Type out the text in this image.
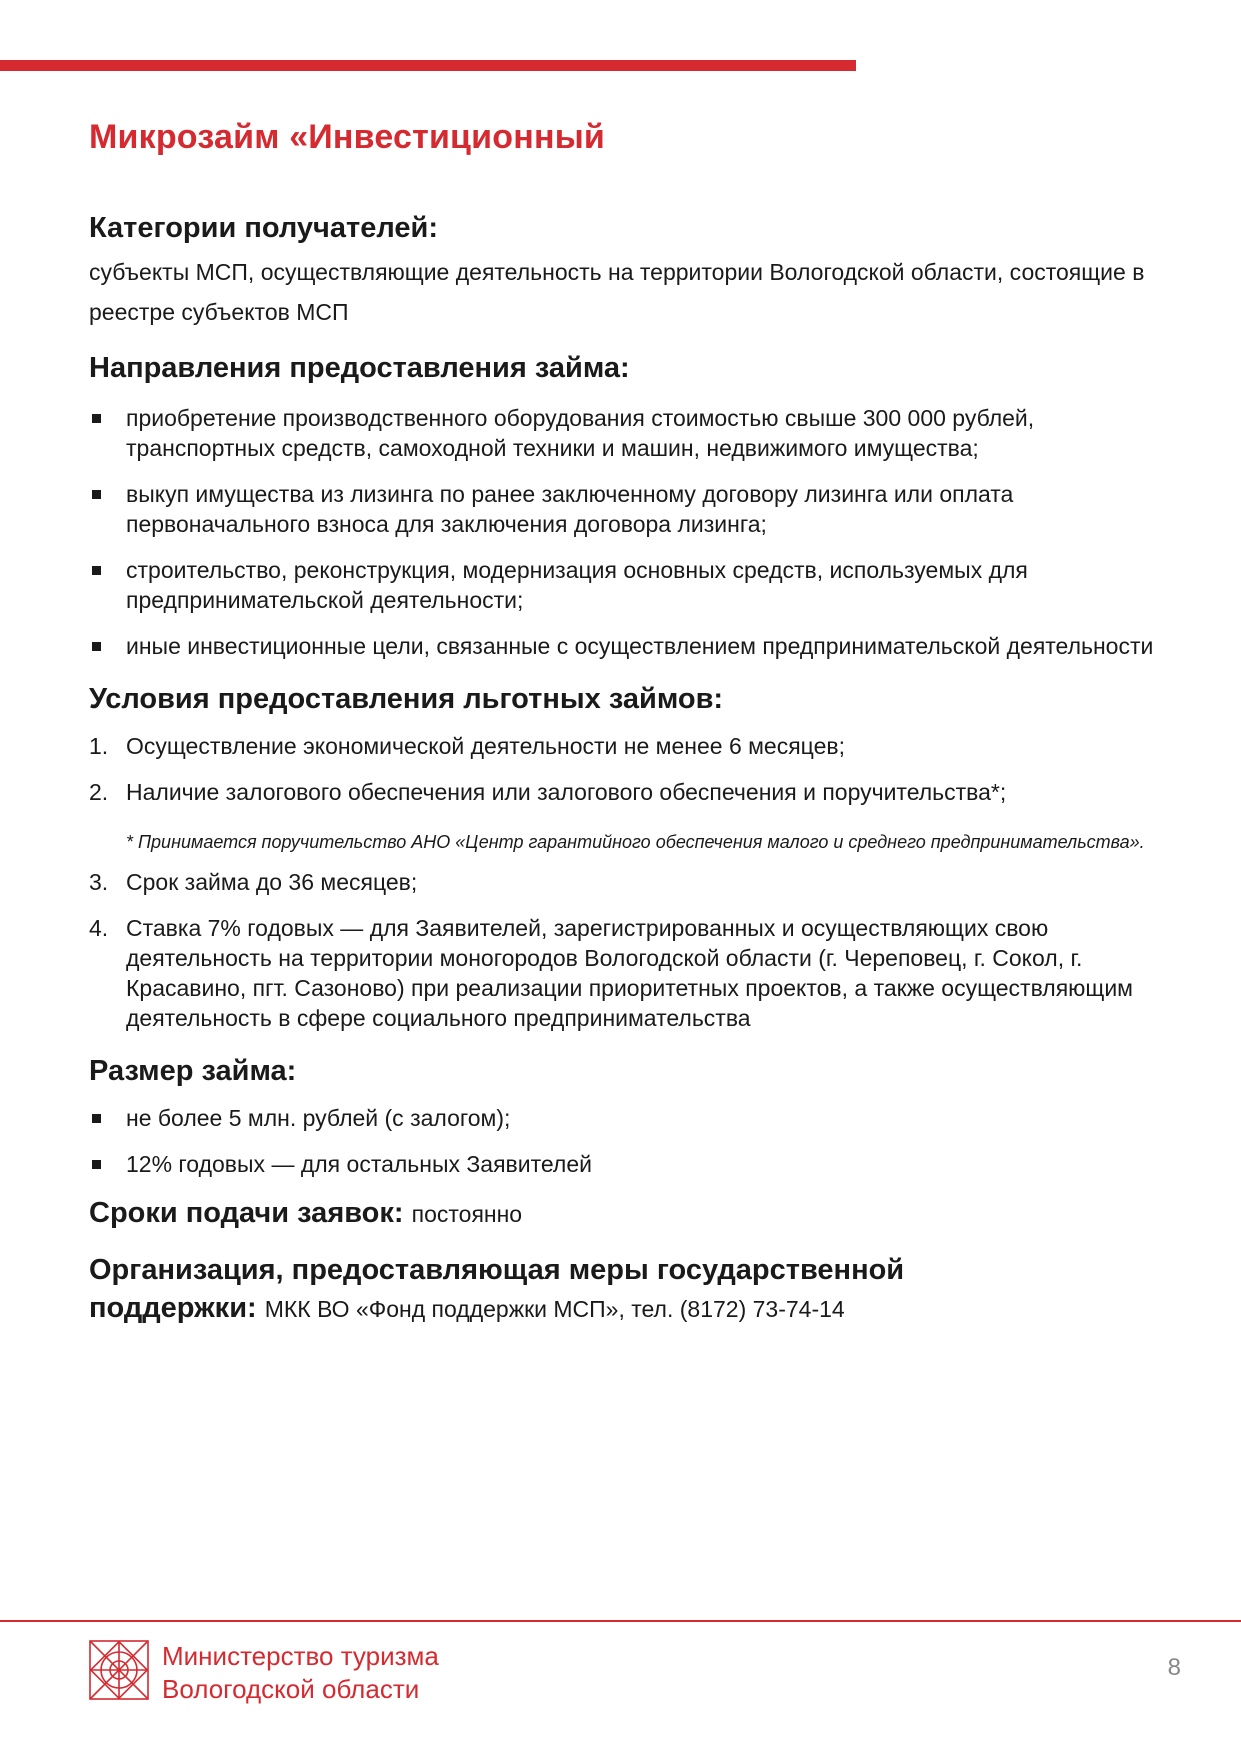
Микрозайм «Инвестиционный
Категории получателей:

субъекты МСП, осуществляющие деятельность на территории Вологодской области, состоящие в реестре субъектов МСП

Направления предоставления займа:
приобретение производственного оборудования стоимостью свыше 300 000 рублей, транспортных средств, самоходной техники и машин, недвижимого имущества;
выкуп имущества из лизинга по ранее заключенному договору лизинга или оплата первоначального взноса для заключения договора лизинга;
строительство, реконструкция, модернизация основных средств, используемых для предпринимательской деятельности;
иные инвестиционные цели, связанные с осуществлением предпринимательской деятельности
Условия предоставления льготных займов:
1. Осуществление экономической деятельности не менее 6 месяцев;
2. Наличие залогового обеспечения или залогового обеспечения и поручительства*;
* Принимается поручительство АНО «Центр гарантийного обеспечения малого и среднего предпринимательства».
3. Срок займа до 36 месяцев;
4. Ставка 7% годовых — для Заявителей, зарегистрированных и осуществляющих свою деятельность на территории моногородов Вологодской области (г. Череповец, г. Сокол, г. Красавино, пгт. Сазоново) при реализации приоритетных проектов, а также осуществляющим деятельность в сфере социального предпринимательства
Размер займа:
не более 5 млн. рублей (с залогом);
12% годовых — для остальных Заявителей
Сроки подачи заявок: постоянно
Организация, предоставляющая меры государственной
поддержки: МКК ВО «Фонд поддержки МСП», тел. (8172) 73-74-14
Министерство туризма
Вологодской области
8
